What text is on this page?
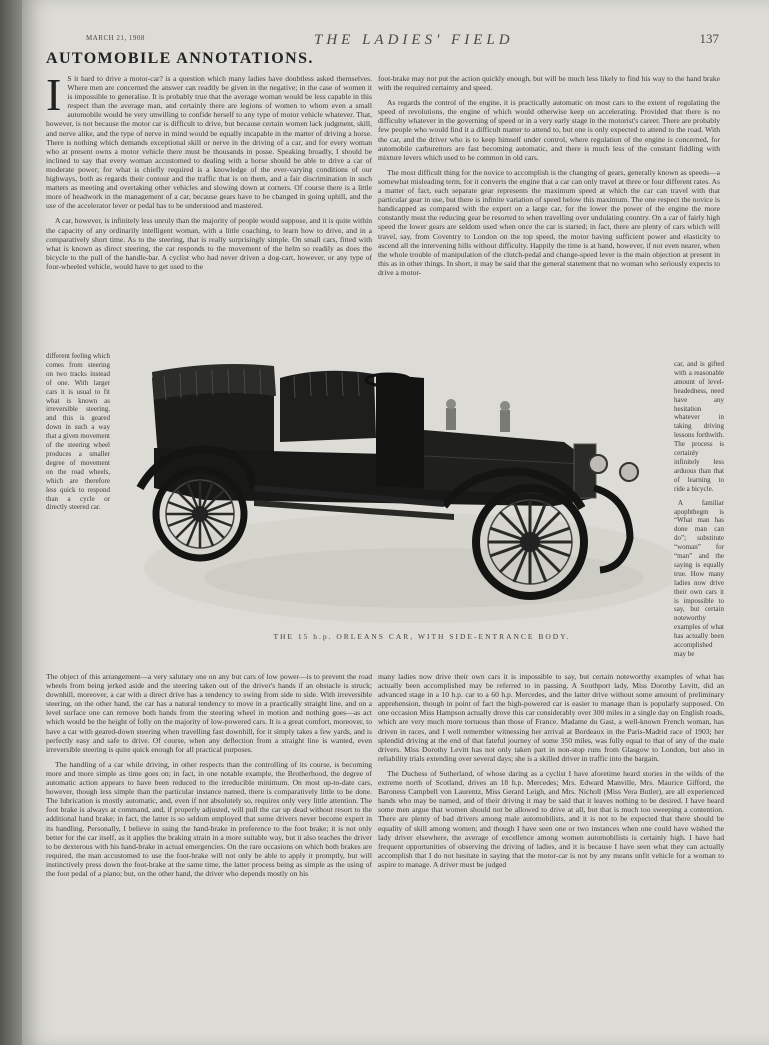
MARCH 21, 1908	THE LADIES' FIELD	137
AUTOMOBILE ANNOTATIONS.

I S it hard to drive a motor-car? is a question which many ladies have doubtless asked themselves. Where men are concerned the answer can readily be given in the negative; in the case of women it is impossible to generalise. It is probably true that the average woman would be less capable in this respect than the average man, and certainly there are legions of women to whom even a small automobile would be very unwilling to confide herself to any type of motor vehicle whatever. That, however, is not because the motor car is difficult to drive, but because certain women lack judgment, skill, and nerve alike, and the type of nerve in mind would be equally incapable in the matter of driving a horse. There is nothing which demands exceptional skill or nerve in the driving of a car, and for every woman who at present owns a motor vehicle there must be thousands in posse. Speaking broadly, I should be inclined to say that every woman accustomed to dealing with a horse should be able to drive a car of moderate power; for what is chiefly required is a knowledge of the ever-varying conditions of our highways, both as regards their contour and the traffic that is on them, and a fair discrimination in such matters as meeting and overtaking other vehicles and slowing down at corners. Of course there is a little more of headwork in the management of a car, because gears have to be changed in going uphill, and the use of the accelerator lever or pedal has to be understood and mastered.

A car, however, is infinitely less unruly than the majority of people would suppose, and it is quite within the capacity of any ordinarily intelligent woman, with a little coaching, to learn how to drive, and in a comparatively short time. As to the steering, that is really surprisingly simple. On small cars, fitted with what is known as direct steering, the car responds to the movement of the helm so readily as does the bicycle to the pull of the handle-bar. A cyclist who had never driven a dog-cart, however, or any type of four-wheeled vehicle, would have to get used to the

different feeling which comes from steering on two tracks instead of one. With larger cars it is usual to fit what is known as irreversible steering, and this is geared down in such a way that a given movement of the steering wheel produces a smaller degree of movement on the road wheels, which are therefore less quick to respond than a cycle or directly steered car.

foot-brake may not put the action quickly enough, but will be much less likely to find his way to the hand brake with the required certainty and speed.

As regards the control of the engine, it is practically automatic on most cars to the extent of regulating the speed of revolutions, the engine of which would otherwise keep on accelerating. Provided that there is no difficulty whatever in the governing of speed or in a very early stage in the motorist's career. There are probably few people who would find it a difficult matter to attend to, but one is only expected to attend to the road. With the car, and the driver who is to keep himself under control, where regulation of the engine is concerned, for automobile carburettors are fast becoming automatic, and there is much less of the constant fiddling with mixture levers which used to be common in old cars.

The most difficult thing for the novice to accomplish is the changing of gears, generally known as speeds—a somewhat misleading term, for it converts the engine that a car can only travel at three or four different rates. As a matter of fact, each separate gear represents the maximum speed at which the car can travel with that particular gear in use, but there is infinite variation of speed below this maximum. The one respect the novice is handicapped as compared with the expert on a large car, for the lower the power of the engine the more constantly must the reducing gear be resorted to when travelling over undulating country. On a car of fairly high speed the lower gears are seldom used when once the car is started; in fact, there are plenty of cars which will travel, say, from Coventry to London on the top speed, the motor having sufficient power and elasticity to ascend all the intervening hills without difficulty. Happily the time is at hand, however, if not even nearer, when the whole trouble of manipulation of the clutch-pedal and change-speed lever is the main objection at present in this as in other things. In short, it may be said that the general statement that no woman who seriously expects to drive a motor-

car, and is gifted with a reasonable amount of level-headedness, need have any hesitation whatever in taking driving lessons forthwith. The process is certainly infinitely less arduous than that of learning to ride a bicycle.

A familiar apophthegm is “What man has done man can do”; substitute “woman” for “man” and the saying is equally true. How many ladies now drive their own cars it is impossible to say, but certain noteworthy examples of what has actually been accomplished may be

THE 15 h.p. ORLEANS CAR, WITH SIDE-ENTRANCE BODY.

The object of this arrangement—a very salutary one on any but cars of low power—is to prevent the road wheels from being jerked aside and the steering taken out of the driver's hands if an obstacle is struck; downhill, moreover, a car with a direct drive has a tendency to swing from side to side. With irreversible steering, on the other hand, the car has a natural tendency to move in a practically straight line, and on a level surface one can remove both hands from the steering wheel in motion and nothing goes—as act which would be the height of folly on the majority of low-powered cars. It is a great comfort, moreover, to have a car with geared-down steering when travelling fast downhill, for it simply takes a few yards, and is perfectly easy and safe to drive. Of course, when any deflection from a straight line is wanted, even irreversible steering is quite quick enough for all practical purposes.

The handling of a car while driving, in other respects than the controlling of its course, is becoming more and more simple as time goes on; in fact, in one notable example, the Brotherhood, the degree of automatic action appears to have been reduced to the irreducible minimum. On most up-to-date cars, however, though less simple than the particular instance named, there is comparatively little to be done. The lubrication is mostly automatic, and, even if not absolutely so, requires only very little attention. The foot brake is always at command, and, if properly adjusted, will pull the car up dead without resort to the additional hand brake; in fact, the latter is so seldom employed that some drivers never become expert in its handling. Personally, I believe in using the hand-brake in preference to the foot brake; it is not only better for the car itself, as it applies the braking strain in a more suitable way, but it also teaches the driver to be dexterous with his hand-brake in actual emergencies. On the rare occasions on which both brakes are required, the man accustomed to use the foot-brake will not only be able to apply it promptly, but will instinctively press down the foot-brake at the same time, the latter process being as simple as the using of the foot pedal of a piano; but, on the other hand, the driver who depends mostly on his

many ladies now drive their own cars it is impossible to say, but certain noteworthy examples of what has actually been accomplished may be referred to in passing. A Southport lady, Miss Dorothy Levitt, did an advanced stage in a 10 h.p. car to a 60 h.p. Mercedes, and the latter drive without some amount of preliminary apprehension, though in point of fact the high-powered car is easier to manage than is popularly supposed. On one occasion Miss Hampson actually drove this car considerably over 300 miles in a single day on English roads, which are very much more tortuous than those of France. Madame du Gast, a well-known French woman, has driven in races, and I well remember witnessing her arrival at Bordeaux in the Paris-Madrid race of 1903; her splendid driving at the end of that fateful journey of some 350 miles, was fully equal to that of any of the male drivers. Miss Dorothy Levitt has not only taken part in non-stop runs from Glasgow to London, but also in reliability trials extending over several days; she is a skilled driver in traffic into the bargain.

The Duchess of Sutherland, of whose daring as a cyclist I have aforetime heard stories in the wilds of the extreme north of Scotland, drives an 18 h.p. Mercedes; Mrs. Edward Manville, Mrs. Maurice Gifford, the Baroness Campbell von Laurentz, Miss Gerard Leigh, and Mrs. Nicholl (Miss Vera Butler), are all experienced hands who may be named, and of their driving it may be said that it leaves nothing to be desired. I have heard some men argue that women should not be allowed to drive at all, but that is much too sweeping a contention. There are plenty of bad drivers among male automobilists, and it is not to be expected that there should be equality of skill among women; and though I have seen one or two instances when one could have wished the lady driver elsewhere, the average of excellence among women automobilists is certainly high. I have had frequent opportunities of observing the driving of ladies, and it is because I have seen what they can actually accomplish that I do not hesitate in saying that the motor-car is not by any means unfit vehicle for a woman to aspire to manage. A driver must be judged
